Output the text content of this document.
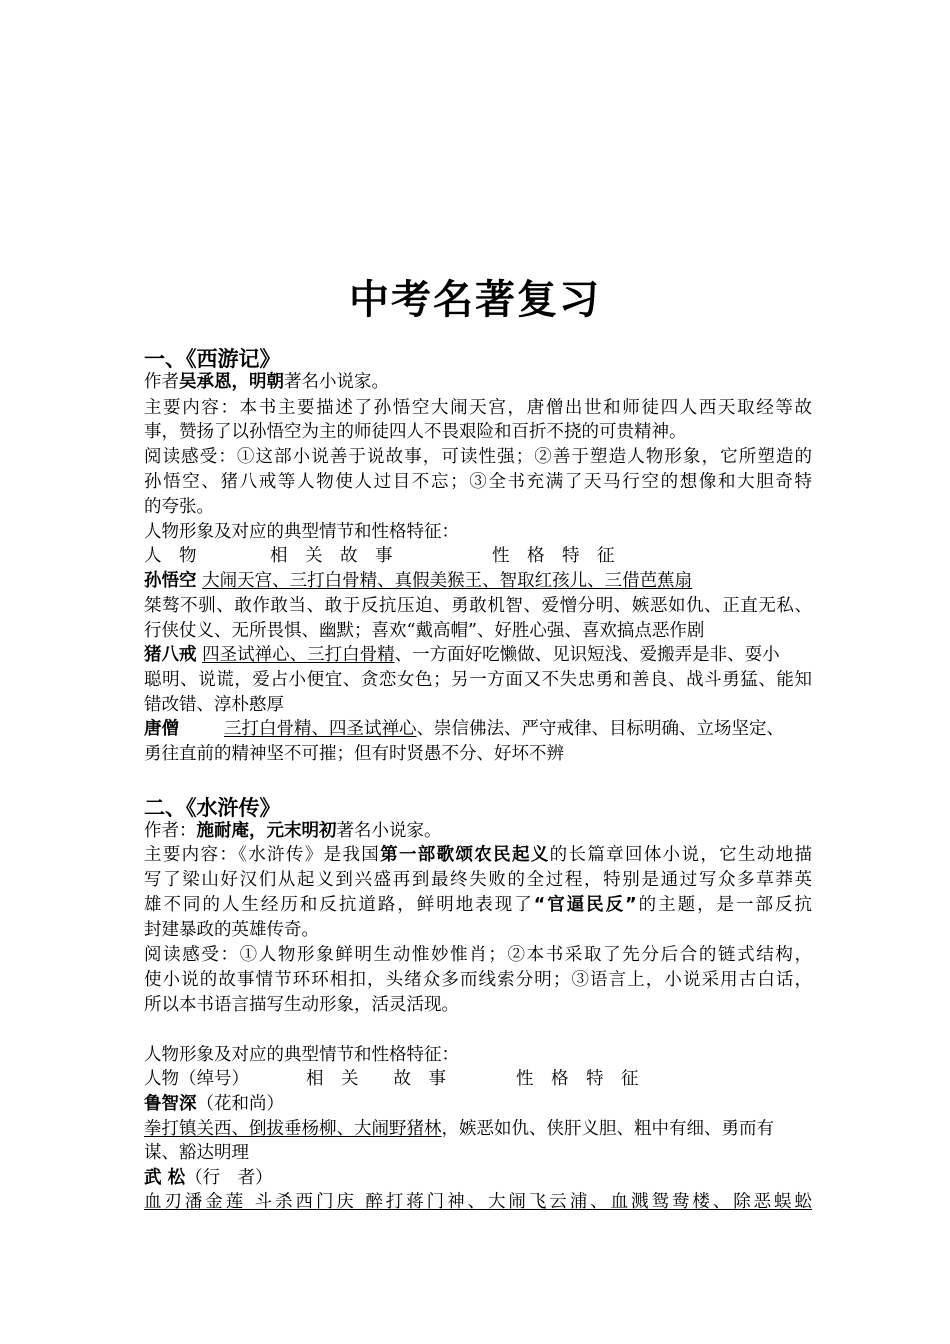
中考名著复习
一、《西游记》
作者吴承恩，明朝著名小说家。
主要内容：本书主要描述了孙悟空大闹天宫，唐僧出世和师徒四人西天取经等故
事，赞扬了以孙悟空为主的师徒四人不畏艰险和百折不挠的可贵精神。
阅读感受：①这部小说善于说故事，可读性强；②善于塑造人物形象，它所塑造的
孙悟空、猪八戒等人物使人过目不忘；③全书充满了天马行空的想像和大胆奇特
的夸张。
人物形象及对应的典型情节和性格特征：
人　物	相　关　故　事	性　格　特　征
孙悟空 大闹天宫、三打白骨精、真假美猴王、智取红孩儿、三借芭蕉扇
桀骜不驯、敢作敢当、敢于反抗压迫、勇敢机智、爱憎分明、嫉恶如仇、正直无私、
行侠仗义、无所畏惧、幽默；喜欢“戴高帽”、好胜心强、喜欢搞点恶作剧
猪八戒 四圣试禅心、三打白骨精、一方面好吃懒做、见识短浅、爱搬弄是非、耍小
聪明、说谎，爱占小便宜、贪恋女色；另一方面又不失忠勇和善良、战斗勇猛、能知
错改错、淳朴憨厚
唐僧	三打白骨精、四圣试禅心、崇信佛法、严守戒律、目标明确、立场坚定、
勇往直前的精神坚不可摧；但有时贤愚不分、好坏不辨
二、《水浒传》
作者：施耐庵，元末明初著名小说家。
主要内容：《水浒传》是我国第一部歌颂农民起义的长篇章回体小说，它生动地描
写了梁山好汉们从起义到兴盛再到最终失败的全过程，特别是通过写众多草莽英
雄不同的人生经历和反抗道路，鲜明地表现了“官逼民反”的主题，是一部反抗
封建暴政的英雄传奇。
阅读感受：①人物形象鲜明生动惟妙惟肖；②本书采取了先分后合的链式结构，
使小说的故事情节环环相扣，头绪众多而线索分明；③语言上，小说采用古白话，
所以本书语言描写生动形象，活灵活现。
人物形象及对应的典型情节和性格特征：
人物（绰号）	相　关　　故　事	性　格　特　征
鲁智深（花和尚）
拳打镇关西、倒拔垂杨柳、大闹野猪林，嫉恶如仇、侠肝义胆、粗中有细、勇而有
谋、豁达明理
武 松（行　者）
血刃潘金莲 斗杀西门庆 醉打蒋门神、大闹飞云浦、血溅鸳鸯楼、除恶蜈蚣
